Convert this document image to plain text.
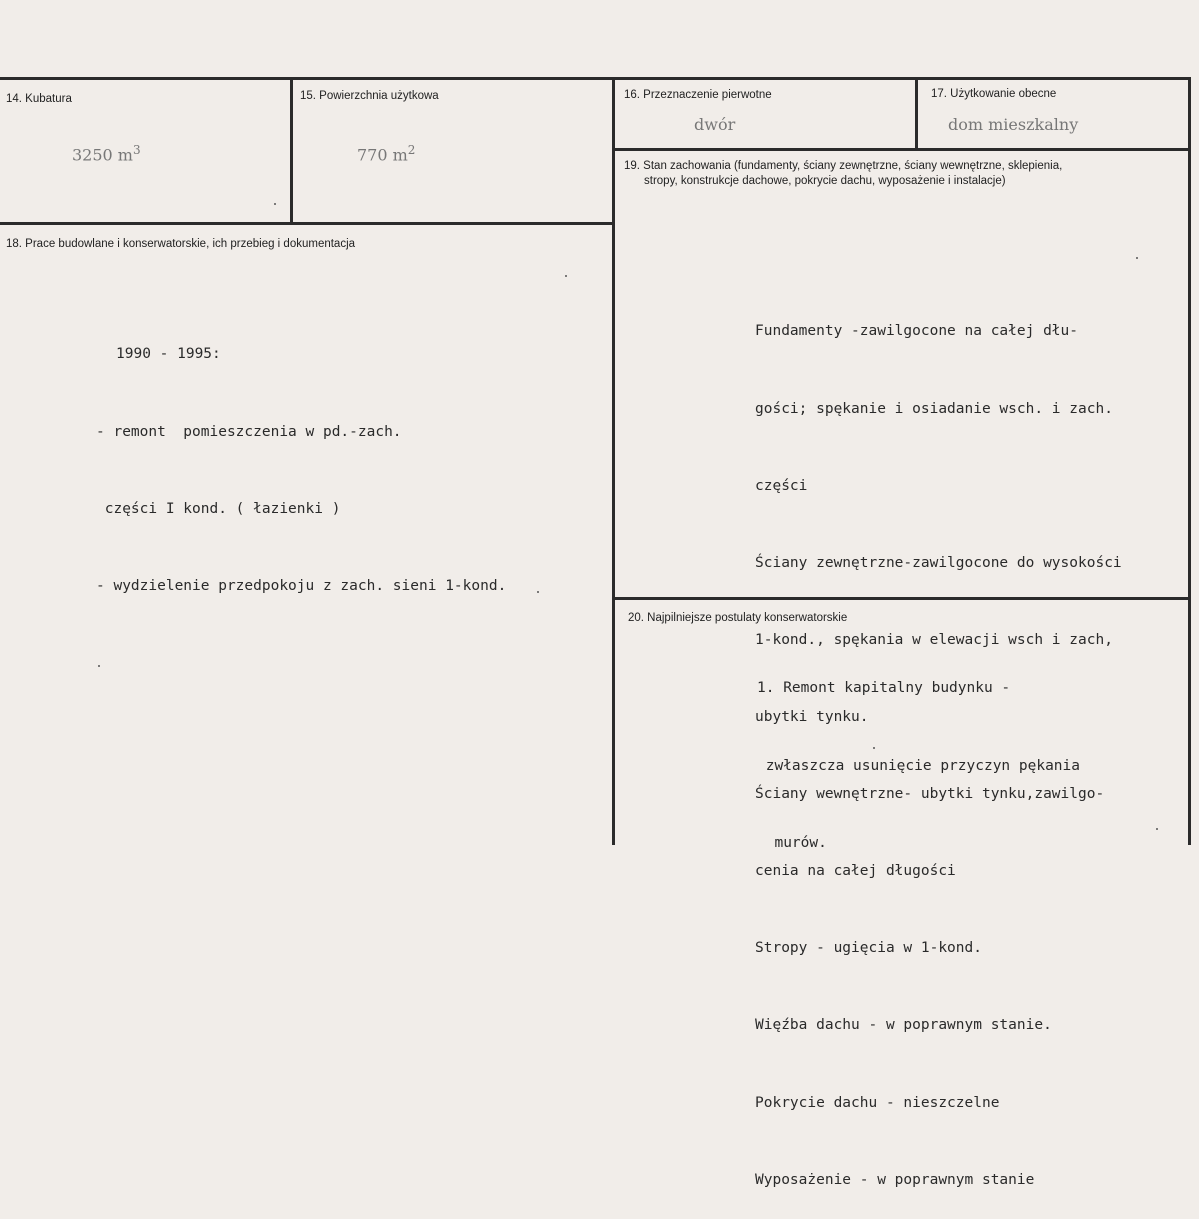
14. Kubatura
3250 $m^3$
15. Powierzchnia użytkowa
770 $m^2$
16. Przeznaczenie pierwotne
dwór
17. Użytkowanie obecne
dom mieszkalny
18. Prace budowlane i konserwatorskie, ich przebieg i dokumentacja

1990 - 1995:

- remont  pomieszczenia w pd.-zach.

części I kond. ( łazienki )

- wydzielenie przedpokoju z zach. sieni 1-kond.

19. Stan zachowania (fundamenty, ściany zewnętrzne, ściany wewnętrzne, sklepienia,
stropy, konstrukcje dachowe, pokrycie dachu, wyposażenie i instalacje)

Fundamenty -zawilgocone na całej dłu-

gości; spękanie i osiadanie wsch. i zach.

części

Ściany zewnętrzne-zawilgocone do wysokości

1-kond., spękania w elewacji wsch i zach,

ubytki tynku.

Ściany wewnętrzne- ubytki tynku,zawilgo-

cenia na całej długości

Stropy - ugięcia w 1-kond.

Więźba dachu - w poprawnym stanie.

Pokrycie dachu - nieszczelne

Wyposażenie - w poprawnym stanie

20. Najpilniejsze postulaty konserwatorskie

1. Remont kapitalny budynku -

zwłaszcza usunięcie przyczyn pękania

murów.
